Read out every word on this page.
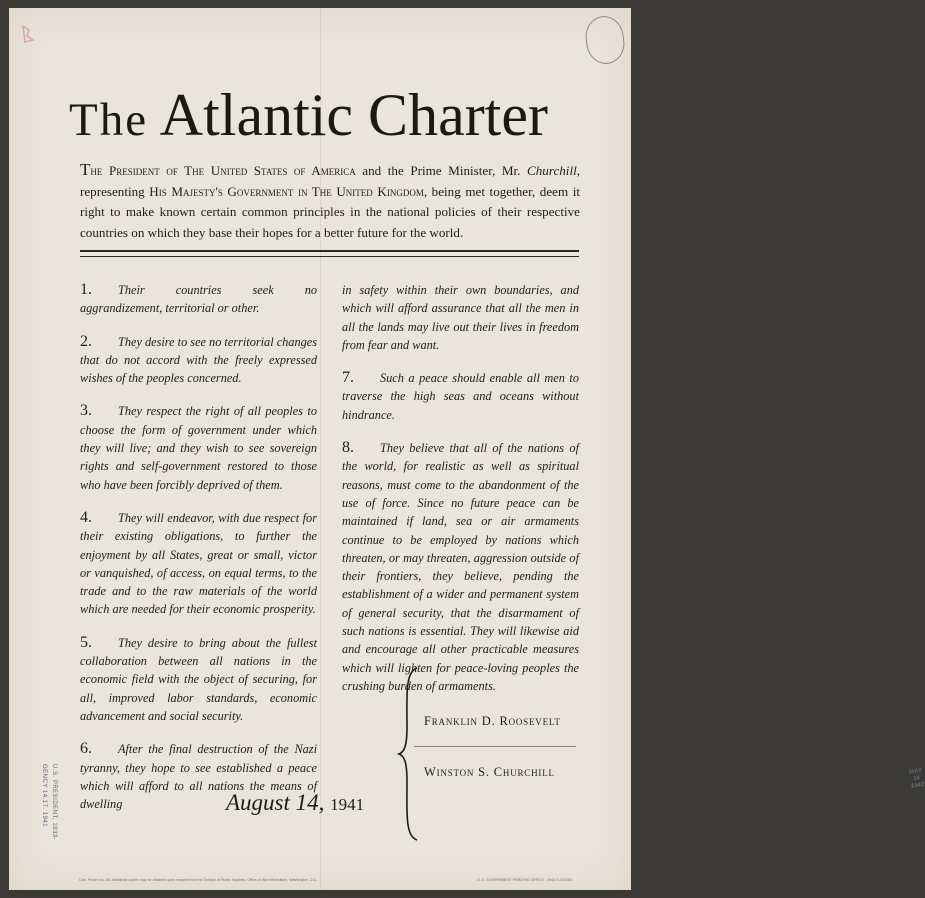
MAY 14 1942
The Atlantic Charter
The President of The United States of America and the Prime Minister, Mr. Churchill, representing His Majesty's Government in The United Kingdom, being met together, deem it right to make known certain common principles in the national policies of their respective countries on which they base their hopes for a better future for the world.

1. Their countries seek no aggrandizement, territorial or other.

2. They desire to see no territorial changes that do not accord with the freely expressed wishes of the peoples concerned.

3. They respect the right of all peoples to choose the form of government under which they will live; and they wish to see sovereign rights and self-government restored to those who have been forcibly deprived of them.

4. They will endeavor, with due respect for their existing obligations, to further the enjoyment by all States, great or small, victor or vanquished, of access, on equal terms, to the trade and to the raw materials of the world which are needed for their economic prosperity.

5. They desire to bring about the fullest collaboration between all nations in the economic field with the object of securing, for all, improved labor standards, economic advancement and social security.

6. After the final destruction of the Nazi tyranny, they hope to see established a peace which will afford to all nations the means of dwelling

in safety within their own boundaries, and which will afford assurance that all the men in all the lands may live out their lives in freedom from fear and want.

7. Such a peace should enable all men to traverse the high seas and oceans without hindrance.

8. They believe that all of the nations of the world, for realistic as well as spiritual reasons, must come to the abandonment of the use of force. Since no future peace can be maintained if land, sea or air armaments continue to be employed by nations which threaten, or may threaten, aggression outside of their frontiers, they believe, pending the establishment of a wider and permanent system of general security, that the disarmament of such nations is essential. They will likewise aid and encourage all other practicable measures which will lighten for peace-loving peoples the crushing burden of armaments.

Franklin D. Roosevelt
Winston S. Churchill
August 14, 1941
Civil. Poster No. 50. Additional copies may be obtained upon request from the Division of Public Inquiries, Office of War Information, Washington, D.C.	U. S. GOVERNMENT PRINTING OFFICE : 1942-O-511354
U.S. PRESIDENT, 1933-
GENCY 14.17. 1941
